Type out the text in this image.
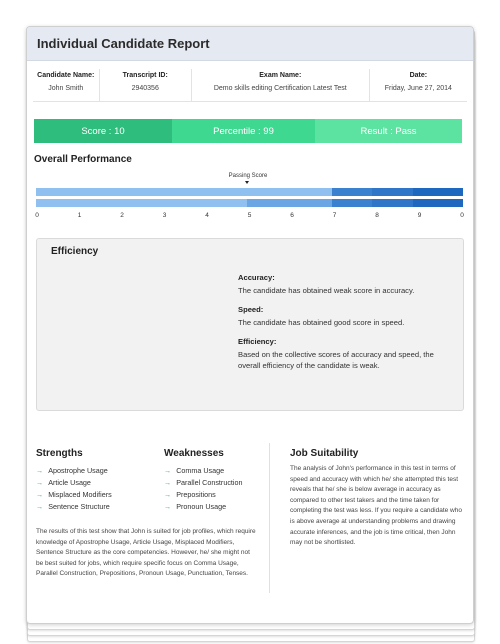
Individual Candidate Report
Candidate Name:
John Smith
Transcript ID:
2940356
Exam Name:
Demo skills editing Certification Latest Test
Date:
Friday, June 27, 2014
Score : 10	Percentile : 99	Result : Pass
Overall Performance
Passing Score
0	1	2	3	4	5	6	7	8	9	0
Efficiency
Accuracy:
The candidate has obtained weak score in accuracy.
Speed:
The candidate has obtained good score in speed.
Efficiency:
Based on the collective scores of accuracy and speed, the overall efficiency of the candidate is weak.
Strengths
→ Apostrophe Usage
→ Article Usage
→ Misplaced Modifiers
→ Sentence Structure
Weaknesses
→ Comma Usage
→ Parallel Construction
→ Prepositions
→ Pronoun Usage
The results of this test show that John is suited for job profiles, which require knowledge of Apostrophe Usage, Article Usage, Misplaced Modifiers, Sentence Structure as the core competencies. However, he/ she might not be best suited for jobs, which require specific focus on Comma Usage, Parallel Construction, Prepositions, Pronoun Usage, Punctuation, Tenses.
Job Suitability
The analysis of John's performance in this test in terms of speed and accuracy with which he/ she attempted this test reveals that he/ she is below average in accuracy as compared to other test takers and the time taken for completing the test was less. If you require a candidate who is above average at understanding problems and drawing accurate inferences, and the job is time critical, then John may not be shortlisted.
